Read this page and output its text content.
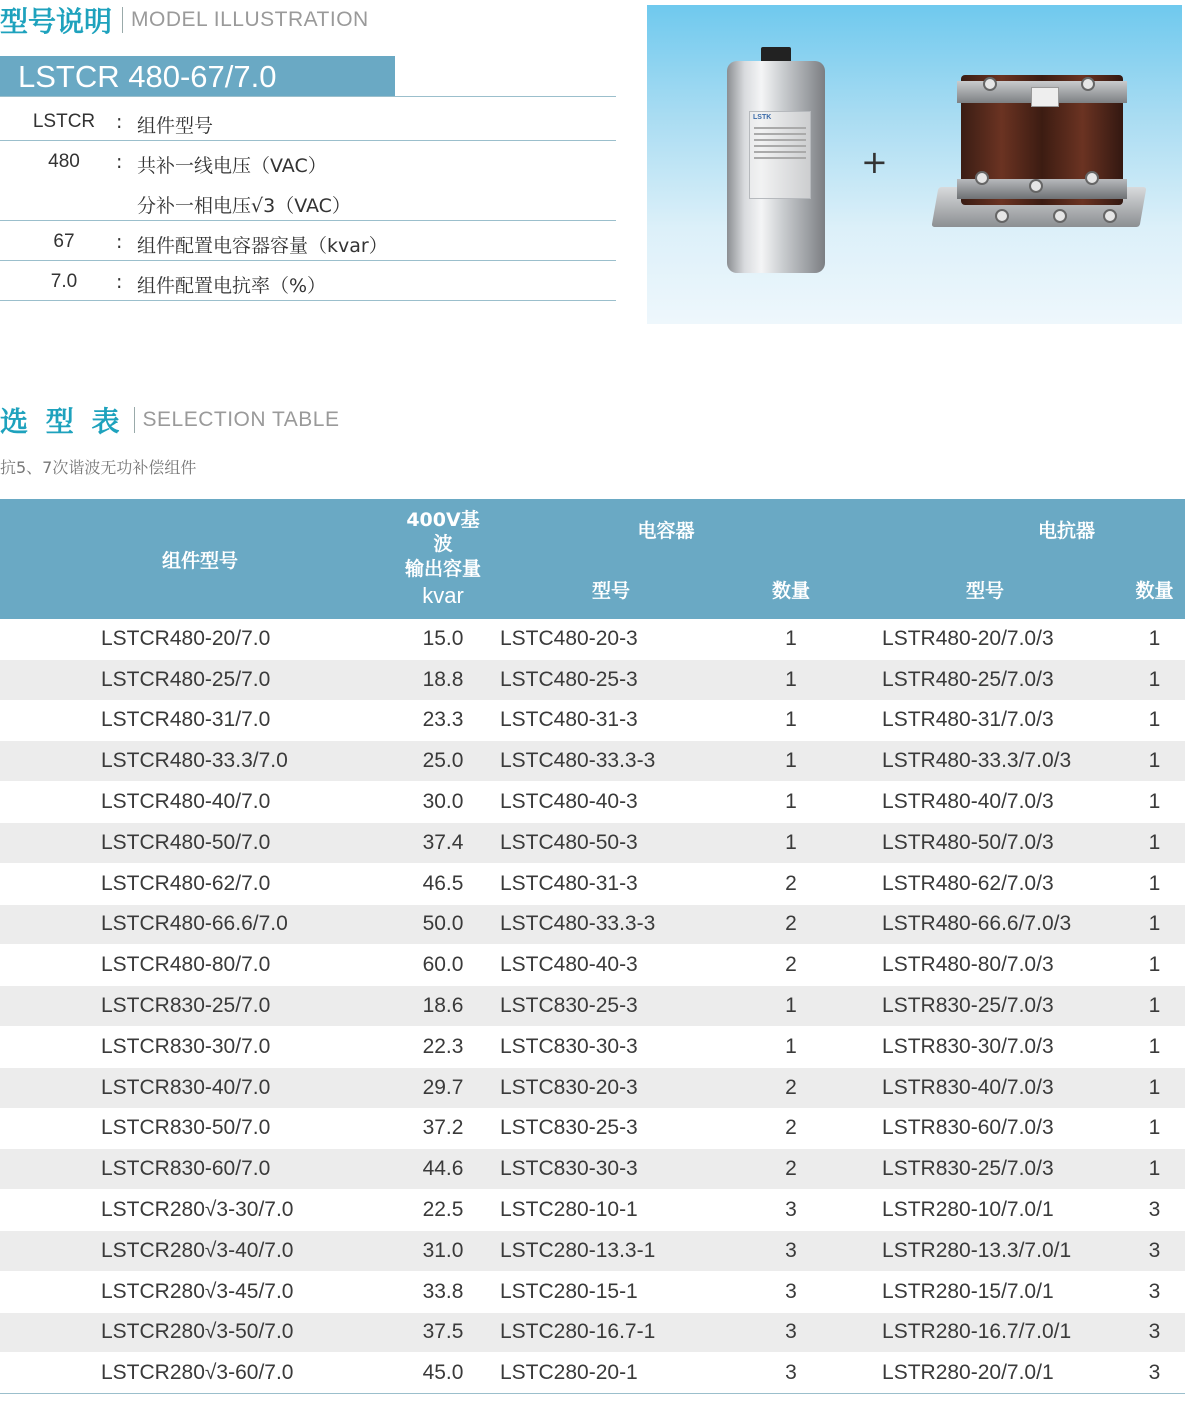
型号说明 MODEL ILLUSTRATION
LSTCR 480-67/7.0
LSTCR	: 组件型号
480	: 共补一线电压（VAC）
分补一相电压√3（VAC）
67	: 组件配置电容器容量（kvar）
7.0	: 组件配置电抗率（%）
LSTK
+
选 型 表 SELECTION TABLE
抗5、7次谐波无功补偿组件
组件型号	400V基波
输出容量
kvar	电容器		电抗器	
		型号	数量	型号	数量
LSTCR480-20/7.0	15.0	LSTC480-20-3	1	LSTR480-20/7.0/3	1
LSTCR480-25/7.0	18.8	LSTC480-25-3	1	LSTR480-25/7.0/3	1
LSTCR480-31/7.0	23.3	LSTC480-31-3	1	LSTR480-31/7.0/3	1
LSTCR480-33.3/7.0	25.0	LSTC480-33.3-3	1	LSTR480-33.3/7.0/3	1
LSTCR480-40/7.0	30.0	LSTC480-40-3	1	LSTR480-40/7.0/3	1
LSTCR480-50/7.0	37.4	LSTC480-50-3	1	LSTR480-50/7.0/3	1
LSTCR480-62/7.0	46.5	LSTC480-31-3	2	LSTR480-62/7.0/3	1
LSTCR480-66.6/7.0	50.0	LSTC480-33.3-3	2	LSTR480-66.6/7.0/3	1
LSTCR480-80/7.0	60.0	LSTC480-40-3	2	LSTR480-80/7.0/3	1
LSTCR830-25/7.0	18.6	LSTC830-25-3	1	LSTR830-25/7.0/3	1
LSTCR830-30/7.0	22.3	LSTC830-30-3	1	LSTR830-30/7.0/3	1
LSTCR830-40/7.0	29.7	LSTC830-20-3	2	LSTR830-40/7.0/3	1
LSTCR830-50/7.0	37.2	LSTC830-25-3	2	LSTR830-60/7.0/3	1
LSTCR830-60/7.0	44.6	LSTC830-30-3	2	LSTR830-25/7.0/3	1
LSTCR280√3-30/7.0	22.5	LSTC280-10-1	3	LSTR280-10/7.0/1	3
LSTCR280√3-40/7.0	31.0	LSTC280-13.3-1	3	LSTR280-13.3/7.0/1	3
LSTCR280√3-45/7.0	33.8	LSTC280-15-1	3	LSTR280-15/7.0/1	3
LSTCR280√3-50/7.0	37.5	LSTC280-16.7-1	3	LSTR280-16.7/7.0/1	3
LSTCR280√3-60/7.0	45.0	LSTC280-20-1	3	LSTR280-20/7.0/1	3
